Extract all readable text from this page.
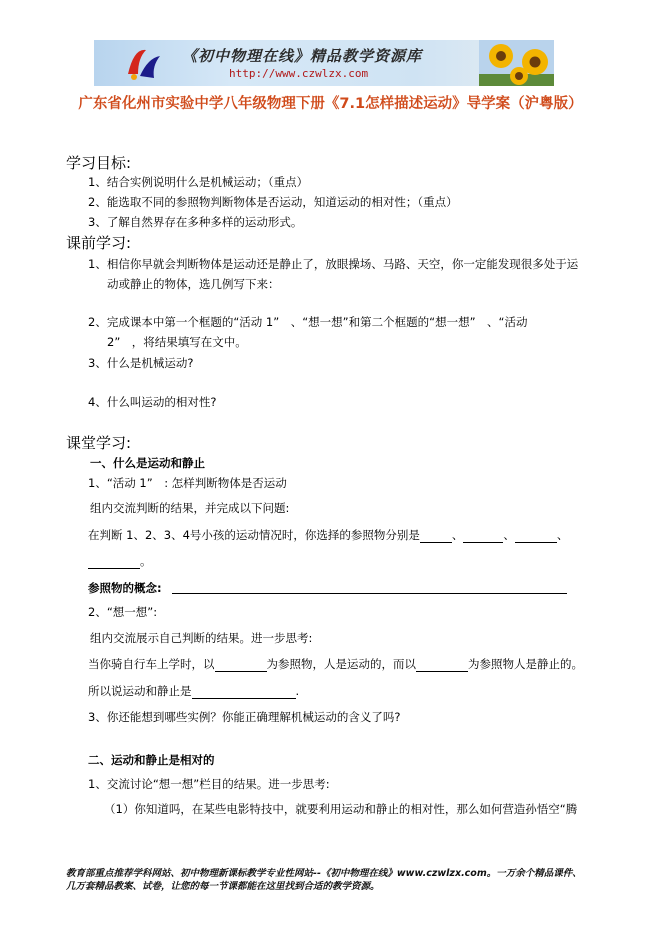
《初中物理在线》精品教学资源库
http://www.czwlzx.com
广东省化州市实验中学八年级物理下册《7.1怎样描述运动》导学案（沪粤版）
学习目标:
1、结合实例说明什么是机械运动；（重点）
2、能选取不同的参照物判断物体是否运动，知道运动的相对性；（重点）
3、了解自然界存在多种多样的运动形式。
课前学习:
1、相信你早就会判断物体是运动还是静止了，放眼操场、马路、天空，你一定能发现很多处于运
动或静止的物体，选几例写下来：
2、完成课本中第一个框题的“活动 1”　、“想一想”和第二个框题的“想一想”　、“活动
2”　，将结果填写在文中。
3、什么是机械运动?
4、什么叫运动的相对性?
课堂学习:
一、什么是运动和静止
1、“活动 1”　: 怎样判断物体是否运动
组内交流判断的结果，并完成以下问题:
在判断 1、2、3、4号小孩的运动情况时，你选择的参照物分别是	、	、	、
。
参照物的概念:
2、“想一想”:
组内交流展示自己判断的结果。进一步思考:
当你骑自行车上学时，以	为参照物，人是运动的，而以	为参照物人是静止的。
所以说运动和静止是	.
3、你还能想到哪些实例？你能正确理解机械运动的含义了吗?
二、运动和静止是相对的
1、交流讨论“想一想”栏目的结果。进一步思考:
（1）你知道吗，在某些电影特技中，就要利用运动和静止的相对性，那么如何营造孙悟空“腾
教育部重点推荐学科网站、初中物理新课标教学专业性网站--《初中物理在线》www.czwlzx.com。一万余个精品课件、
几万套精品教案、试卷，让您的每一节课都能在这里找到合适的教学资源。
